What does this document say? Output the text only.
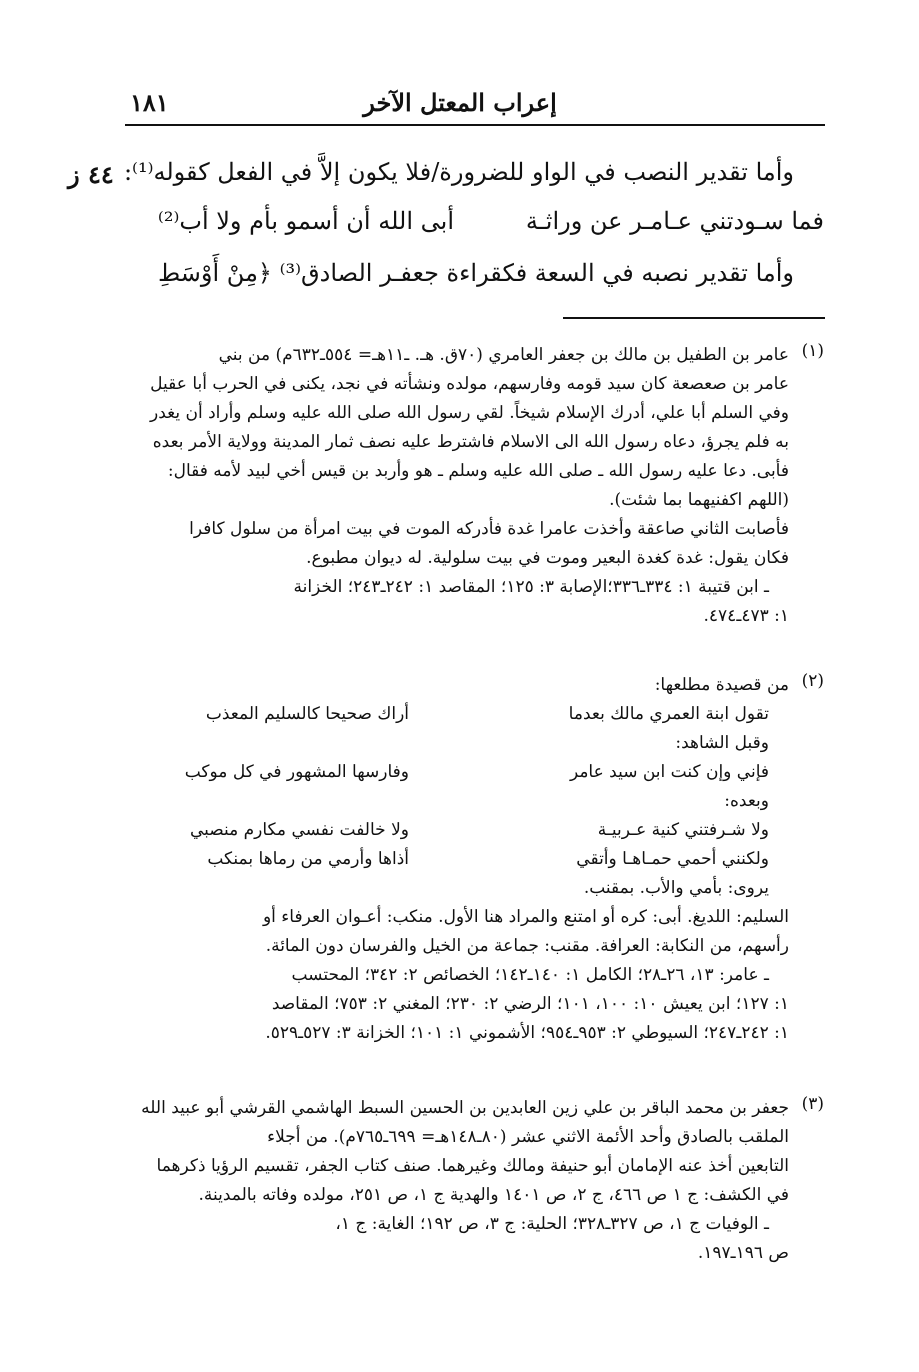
إعراب المعتل الآخر
١٨١
٤٤ ز وأما تقدير النصب في الواو للضرورة/فلا يكون إلاَّ في الفعل كقوله⁽¹⁾:
فما سـودتني عـامـر عن وراثـة
أبى الله أن أسمو بأم ولا أب⁽²⁾
وأما تقدير نصبه في السعة فكقراءة جعفـر الصادق⁽³⁾ ﴿مِنْ أَوْسَطِ
(١)
عامر بن الطفيل بن مالك بن جعفر العامري (٧٠ق. هـ. ـ١١هـ= ٥٥٤ـ٦٣٢م) من بني
عامر بن صعصعة كان سيد قومه وفارسهم، مولده ونشأته في نجد، يكنى في الحرب أبا عقيل
وفي السلم أبا علي، أدرك الإسلام شيخاً. لقي رسول الله صلى الله عليه وسلم وأراد أن يغدر
به فلم يجرؤ، دعاه رسول الله الى الاسلام فاشترط عليه نصف ثمار المدينة وولاية الأمر بعده
فأبى. دعا عليه رسول الله ـ صلى الله عليه وسلم ـ هو وأربد بن قيس أخي لبيد لأمه فقال:
(اللهم اكفنيهما بما شئت).
فأصابت الثاني صاعقة وأخذت عامرا غدة فأدركه الموت في بيت امرأة من سلول كافرا
فكان يقول: غدة كغدة البعير وموت في بيت سلولية. له ديوان مطبوع.
ـ ابن قتيبة ١: ٣٣٤ـ٣٣٦؛الإصابة ٣: ١٢٥؛ المقاصد ١: ٢٤٢ـ٢٤٣؛ الخزانة
١: ٤٧٣ـ٤٧٤.
(٢)
من قصيدة مطلعها:
تقول ابنة العمري مالك بعدما
أراك صحيحا كالسليم المعذب
وقبل الشاهد:
فإني وإن كنت ابن سيد عامر
وفارسها المشهور في كل موكب
وبعده:
ولا شـرفتني كنية عـربيـة
ولا خالفت نفسي مكارم منصبي
ولكنني أحمي حمـاهـا وأتقي
أذاها وأرمي من رماها بمنكب
يروى: بأمي والأب. بمقنب.
السليم: اللديغ. أبى: كره أو امتنع والمراد هنا الأول. منكب: أعـوان العرفاء أو
رأسهم، من النكابة: العرافة. مقنب: جماعة من الخيل والفرسان دون المائة.
ـ عامر: ١٣، ٢٦ـ٢٨؛ الكامل ١: ١٤٠ـ١٤٢؛ الخصائص ٢: ٣٤٢؛ المحتسب
١: ١٢٧؛ ابن يعيش ١٠: ١٠٠، ١٠١؛ الرضي ٢: ٢٣٠؛ المغني ٢: ٧٥٣؛ المقاصد
١: ٢٤٢ـ٢٤٧؛ السيوطي ٢: ٩٥٣ـ٩٥٤؛ الأشموني ١: ١٠١؛ الخزانة ٣: ٥٢٧ـ٥٢٩.
(٣)
جعفر بن محمد الباقر بن علي زين العابدين بن الحسين السبط الهاشمي القرشي أبو عبيد الله
الملقب بالصادق وأحد الأئمة الاثني عشر (٨٠ـ١٤٨هـ= ٦٩٩ـ٧٦٥م). من أجلاء
التابعين أخذ عنه الإمامان أبو حنيفة ومالك وغيرهما. صنف كتاب الجفر، تقسيم الرؤيا ذكرهما
في الكشف: ج ١ ص ٤٦٦، ج ٢، ص ١٤٠١ والهدية ج ١، ص ٢٥١، مولده وفاته بالمدينة.
ـ الوفيات ج ١، ص ٣٢٧ـ٣٢٨؛ الحلية: ج ٣، ص ١٩٢؛ الغاية: ج ١،
ص ١٩٦ـ١٩٧.
